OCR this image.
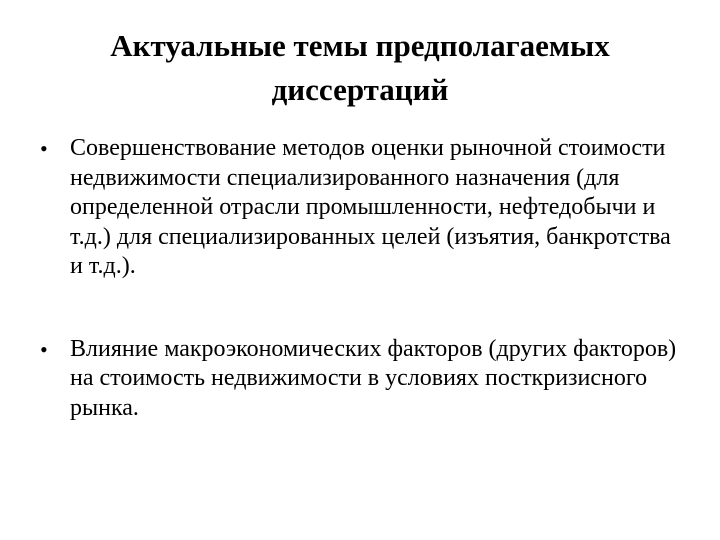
Актуальные темы предполагаемых
диссертаций
• Совершенствование методов оценки рыночной стоимости недвижимости специализированного назначения (для определенной отрасли промышленности, нефтедобычи и т.д.) для специализированных целей (изъятия, банкротства и т.д.).
• Влияние макроэкономических факторов (других факторов) на стоимость недвижимости в условиях посткризисного рынка.
